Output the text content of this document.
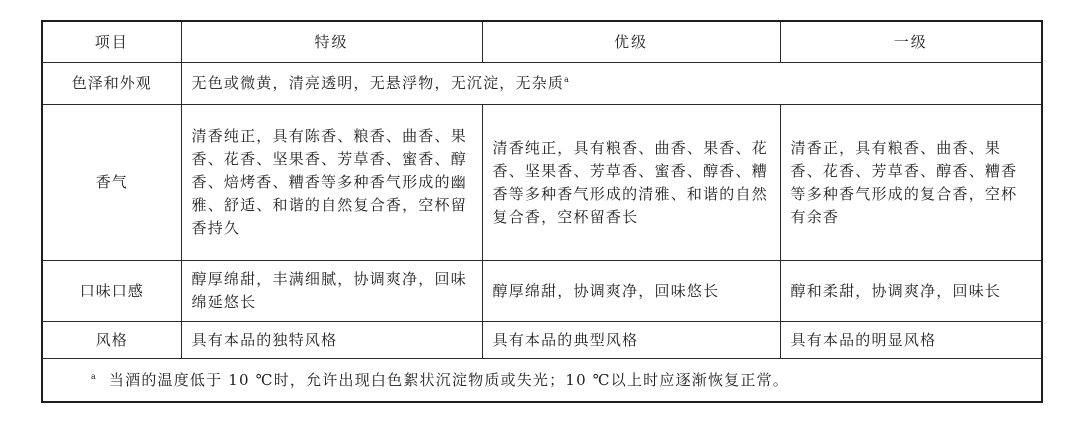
项目	特级	优级	一级
色泽和外观	无色或微黄，清亮透明，无悬浮物，无沉淀，无杂质$^a$
香气	清香纯正，具有陈香、粮香、曲香、果香、花香、坚果香、芳草香、蜜香、醇香、焙烤香、糟香等多种香气形成的幽雅、舒适、和谐的自然复合香，空杯留香持久	清香纯正，具有粮香、曲香、果香、花香、坚果香、芳草香、蜜香、醇香、糟香等多种香气形成的清雅、和谐的自然复合香，空杯留香长	清香正，具有粮香、曲香、果香、花香、芳草香、醇香、糟香等多种香气形成的复合香，空杯有余香
口味口感	醇厚绵甜，丰满细腻，协调爽净，回味绵延悠长	醇厚绵甜，协调爽净，回味悠长	醇和柔甜，协调爽净，回味长
风格	具有本品的独特风格	具有本品的典型风格	具有本品的明显风格
$^a$ 当酒的温度低于 10 ℃时，允许出现白色絮状沉淀物质或失光；10 ℃以上时应逐渐恢复正常。			
